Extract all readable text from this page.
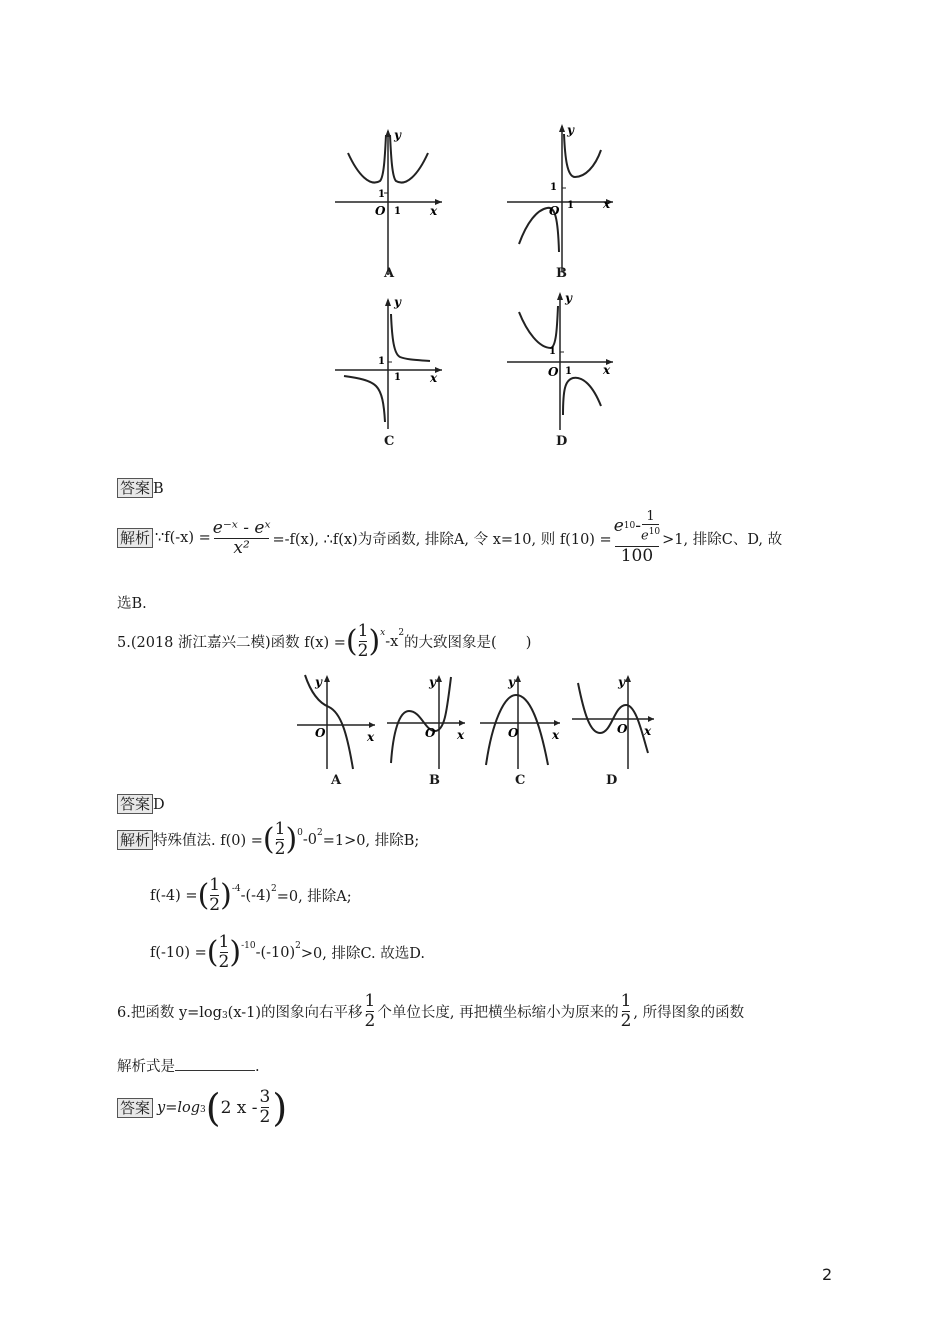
1
1
O	x
y
A
1
1
O	x
y
B
1
1 x
y
C
1
1
O	x
y
D
答案 B
解析 ∵f(-x) = $\frac{\text{e⁻ˣ - eˣ}}{\text{x²}} =-f(x)$, ∴f(x)为奇函数, 排除A, 令 x=10, 则 $f(10) = \frac{e 10 - \frac{1}{e^{10}}}{100} >1$, 排除C、D, 故
选B.
5.(2018 浙江嘉兴二模)函数 f(x) = ( $\frac{1}{2} )^x$
-x
$^2$
的大致图象是(　　)
O	x
y
A
O x
y
B
O	x
y
C
O x
y
D
答案 D
解析 特殊值法. f(0) = ( $\frac{1}{2} )^0$ $-0^2 =1>0$, 排除B;
f(-4) = ( $\frac{1}{2} )^{-4}$ $-(-4)^2 =0$, 排除A;
f(-10) = ( $\frac{1}{2} )^{-10}$ $-(-10)^2 >0$, 排除C. 故选D.
6.把函数 $y=\log_3$ (x-1)的图象向右平移 $\frac{1}{2}$ 个单位长度, 再把横坐标缩小为原来的 $\frac{1}{2}$ , 所得图象的函数
解析式是	.
答案 y=log 3 ( 2 x - $\frac{3}{2}$ )
2
